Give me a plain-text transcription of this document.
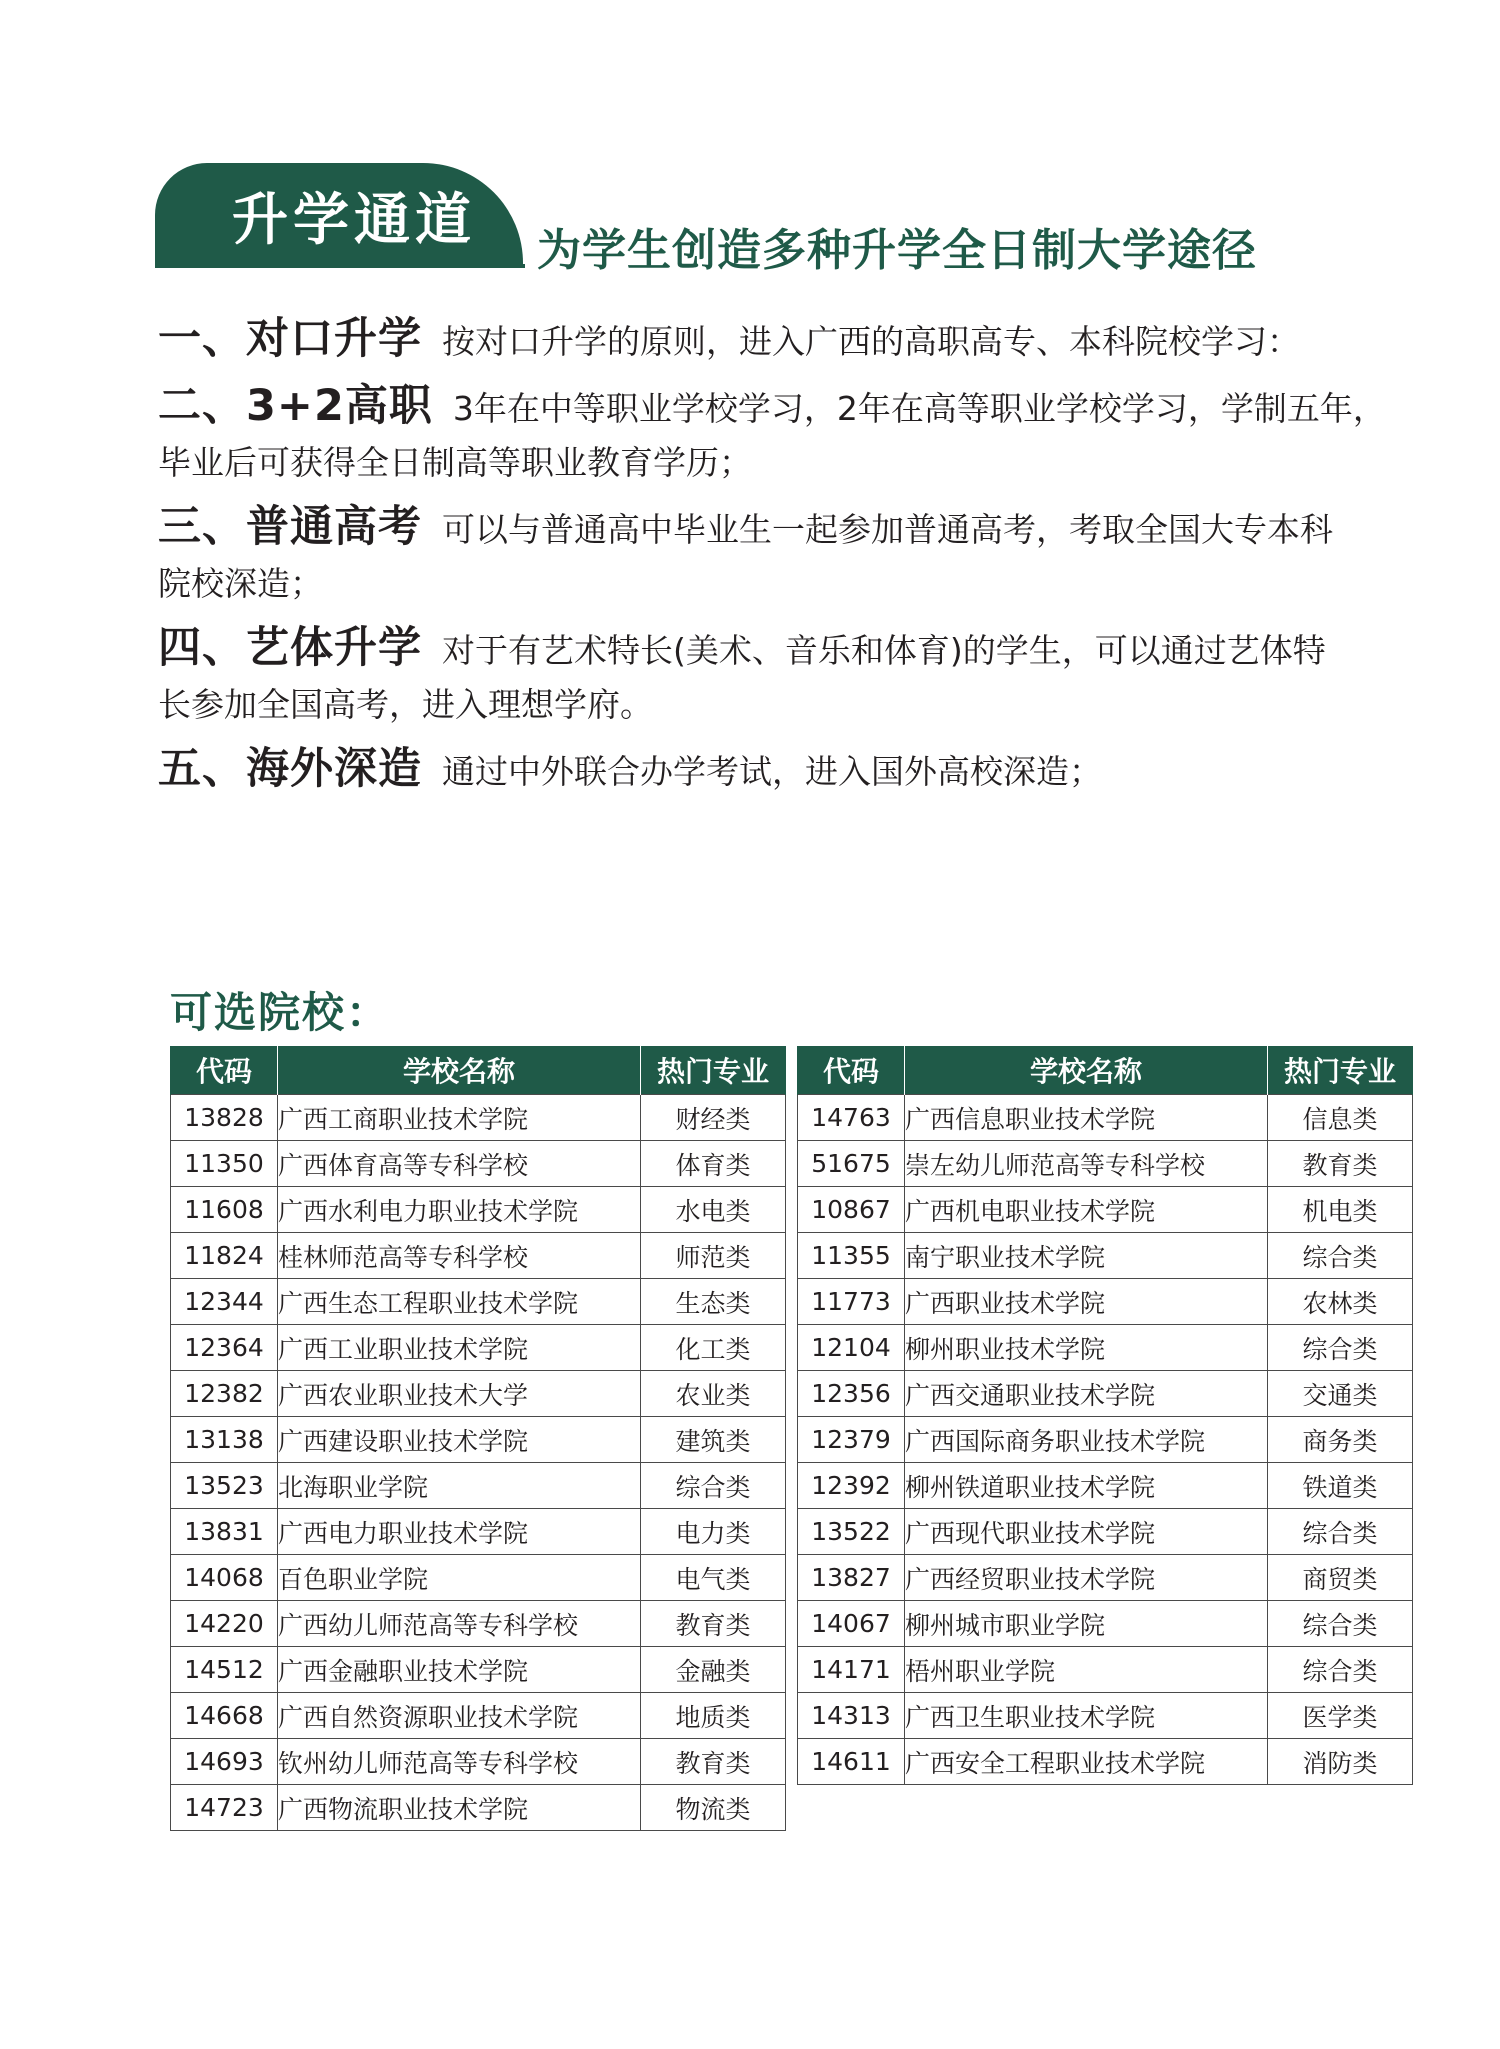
升学通道 为学生创造多种升学全日制大学途径
一、对口升学 按对口升学的原则，进入广西的高职高专、本科院校学习：
二、3+2高职 3年在中等职业学校学习，2年在高等职业学校学习，学制五年，
毕业后可获得全日制高等职业教育学历；
三、普通高考 可以与普通高中毕业生一起参加普通高考，考取全国大专本科
院校深造；
四、艺体升学 对于有艺术特长(美术、音乐和体育)的学生，可以通过艺体特
长参加全国高考，进入理想学府。
五、海外深造 通过中外联合办学考试，进入国外高校深造；
可选院校：
代码	学校名称	热门专业
13828	广西工商职业技术学院	财经类
11350	广西体育高等专科学校	体育类
11608	广西水利电力职业技术学院	水电类
11824	桂林师范高等专科学校	师范类
12344	广西生态工程职业技术学院	生态类
12364	广西工业职业技术学院	化工类
12382	广西农业职业技术大学	农业类
13138	广西建设职业技术学院	建筑类
13523	北海职业学院	综合类
13831	广西电力职业技术学院	电力类
14068	百色职业学院	电气类
14220	广西幼儿师范高等专科学校	教育类
14512	广西金融职业技术学院	金融类
14668	广西自然资源职业技术学院	地质类
14693	钦州幼儿师范高等专科学校	教育类
14723	广西物流职业技术学院	物流类
代码	学校名称	热门专业
14763	广西信息职业技术学院	信息类
51675	崇左幼儿师范高等专科学校	教育类
10867	广西机电职业技术学院	机电类
11355	南宁职业技术学院	综合类
11773	广西职业技术学院	农林类
12104	柳州职业技术学院	综合类
12356	广西交通职业技术学院	交通类
12379	广西国际商务职业技术学院	商务类
12392	柳州铁道职业技术学院	铁道类
13522	广西现代职业技术学院	综合类
13827	广西经贸职业技术学院	商贸类
14067	柳州城市职业学院	综合类
14171	梧州职业学院	综合类
14313	广西卫生职业技术学院	医学类
14611	广西安全工程职业技术学院	消防类
